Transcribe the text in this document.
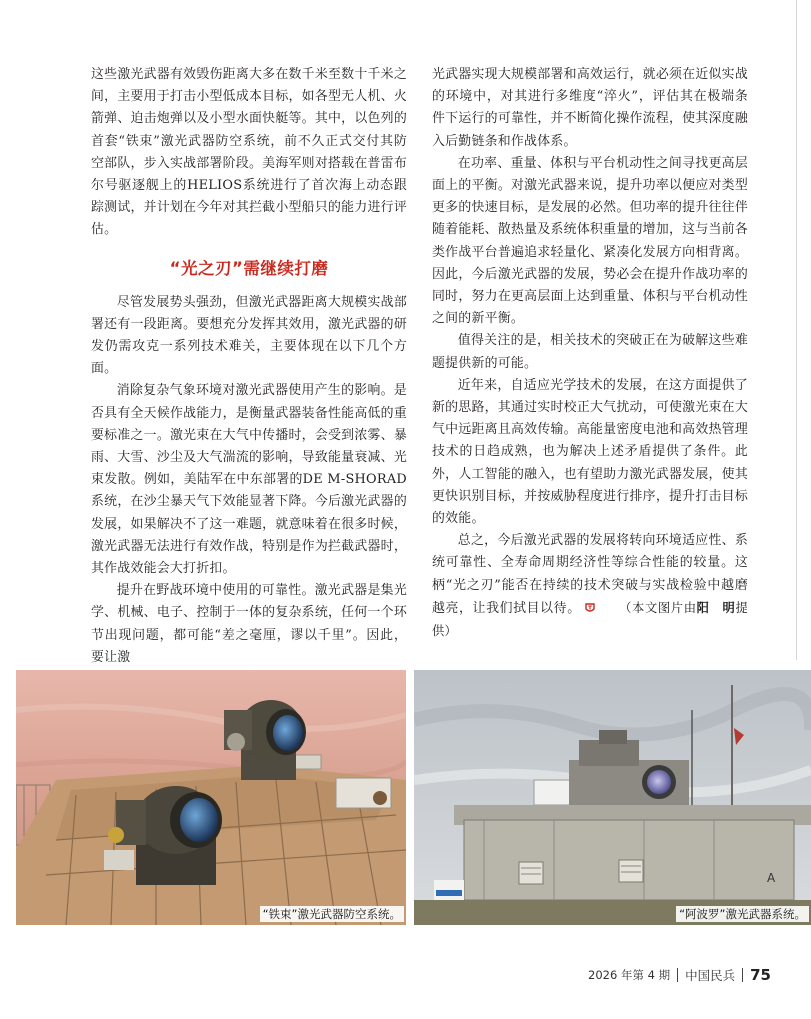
这些激光武器有效毁伤距离大多在数千米至数十千米之间，主要用于打击小型低成本目标，如各型无人机、火箭弹、迫击炮弹以及小型水面快艇等。其中，以色列的首套“铁束”激光武器防空系统，前不久正式交付其防空部队，步入实战部署阶段。美海军则对搭载在普雷布尔号驱逐舰上的HELIOS系统进行了首次海上动态跟踪测试，并计划在今年对其拦截小型船只的能力进行评估。

“光之刃”需继续打磨

尽管发展势头强劲，但激光武器距离大规模实战部署还有一段距离。要想充分发挥其效用，激光武器的研发仍需攻克一系列技术难关，主要体现在以下几个方面。

消除复杂气象环境对激光武器使用产生的影响。是否具有全天候作战能力，是衡量武器装备性能高低的重要标准之一。激光束在大气中传播时，会受到浓雾、暴雨、大雪、沙尘及大气湍流的影响，导致能量衰减、光束发散。例如，美陆军在中东部署的DE M-SHORAD系统，在沙尘暴天气下效能显著下降。今后激光武器的发展，如果解决不了这一难题，就意味着在很多时候，激光武器无法进行有效作战，特别是作为拦截武器时，其作战效能会大打折扣。

提升在野战环境中使用的可靠性。激光武器是集光学、机械、电子、控制于一体的复杂系统，任何一个环节出现问题，都可能“差之毫厘，谬以千里”。因此，要让激

光武器实现大规模部署和高效运行，就必须在近似实战的环境中，对其进行多维度“淬火”，评估其在极端条件下运行的可靠性，并不断简化操作流程，使其深度融入后勤链条和作战体系。

在功率、重量、体积与平台机动性之间寻找更高层面上的平衡。对激光武器来说，提升功率以便应对类型更多的快速目标，是发展的必然。但功率的提升往往伴随着能耗、散热量及系统体积重量的增加，这与当前各类作战平台普遍追求轻量化、紧凑化发展方向相背离。因此，今后激光武器的发展，势必会在提升作战功率的同时，努力在更高层面上达到重量、体积与平台机动性之间的新平衡。

值得关注的是，相关技术的突破正在为破解这些难题提供新的可能。

近年来，自适应光学技术的发展，在这方面提供了新的思路，其通过实时校正大气扰动，可使激光束在大气中远距离且高效传输。高能量密度电池和高效热管理技术的日趋成熟，也为解决上述矛盾提供了条件。此外，人工智能的融入，也有望助力激光武器发展，使其更快识别目标，并按威胁程度进行排序，提升打击目标的效能。

总之，今后激光武器的发展将转向环境适应性、系统可靠性、全寿命周期经济性等综合性能的较量。这柄“光之刃”能否在持续的技术突破与实战检验中越磨越亮，让我们拭目以待。	（本文图片由阳　明提供）

“铁束”激光武器防空系统。
A
“阿波罗”激光武器系统。
2026 年第 4 期 中国民兵 75
